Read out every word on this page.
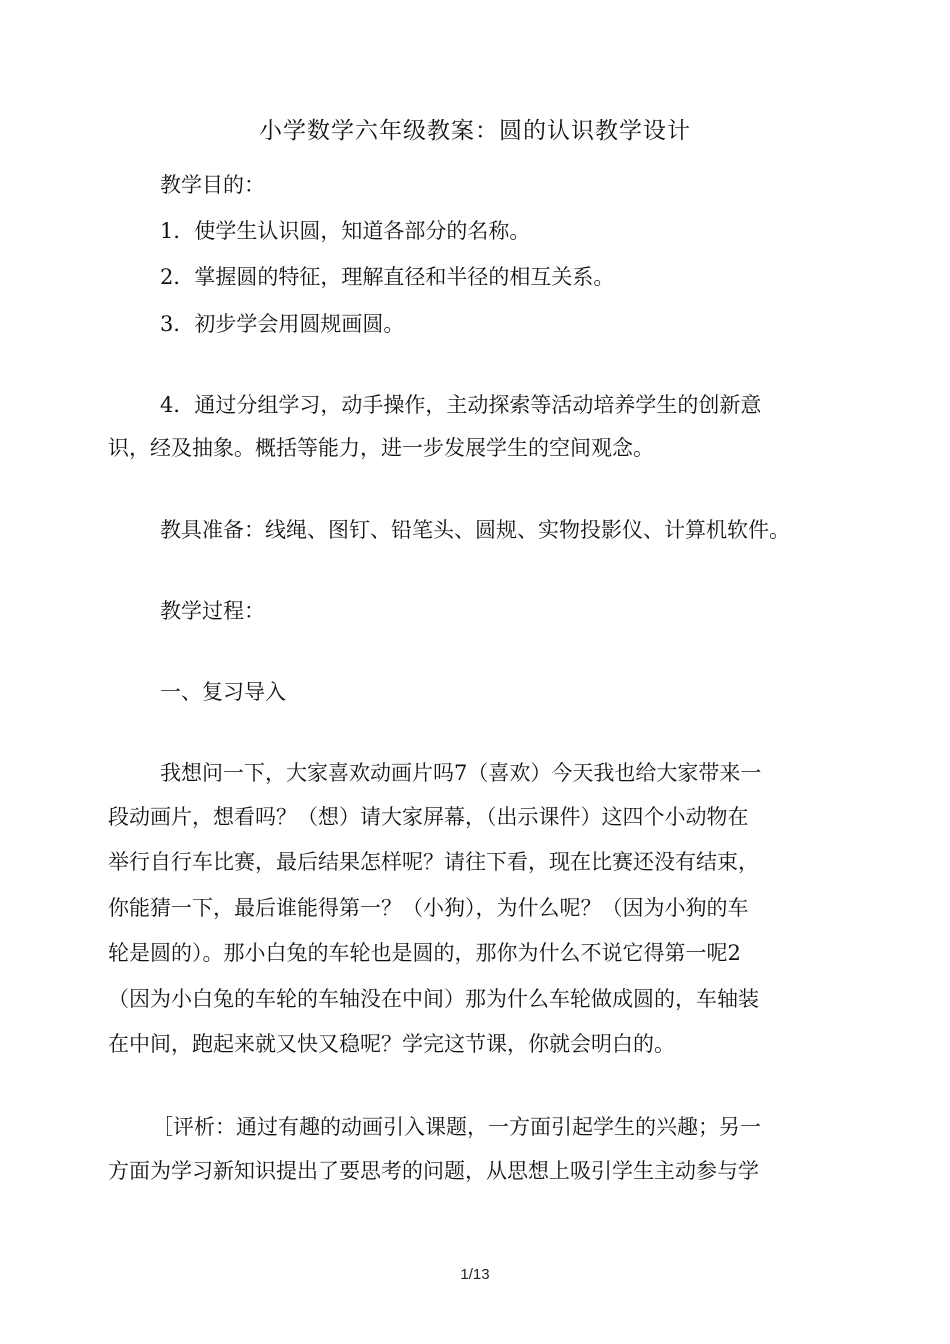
小学数学六年级教案：圆的认识教学设计
教学目的：
1．使学生认识圆，知道各部分的名称。
2．掌握圆的特征，理解直径和半径的相互关系。
3．初步学会用圆规画圆。
4．通过分组学习，动手操作，主动探索等活动培养学生的创新意
识，经及抽象。概括等能力，进一步发展学生的空间观念。
教具准备：线绳、图钉、铅笔头、圆规、实物投影仪、计算机软件。
教学过程：
一、复习导入
我想问一下，大家喜欢动画片吗7（喜欢）今天我也给大家带来一
段动画片，想看吗？（想）请大家屏幕，（出示课件）这四个小动物在
举行自行车比赛，最后结果怎样呢？请往下看，现在比赛还没有结束，
你能猜一下，最后谁能得第一？（小狗），为什么呢？（因为小狗的车
轮是圆的）。那小白兔的车轮也是圆的，那你为什么不说它得第一呢2
（因为小白兔的车轮的车轴没在中间）那为什么车轮做成圆的，车轴装
在中间，跑起来就又快又稳呢？学完这节课，你就会明白的。
［评析：通过有趣的动画引入课题，一方面引起学生的兴趣；另一
方面为学习新知识提出了要思考的问题，从思想上吸引学生主动参与学
1/13
